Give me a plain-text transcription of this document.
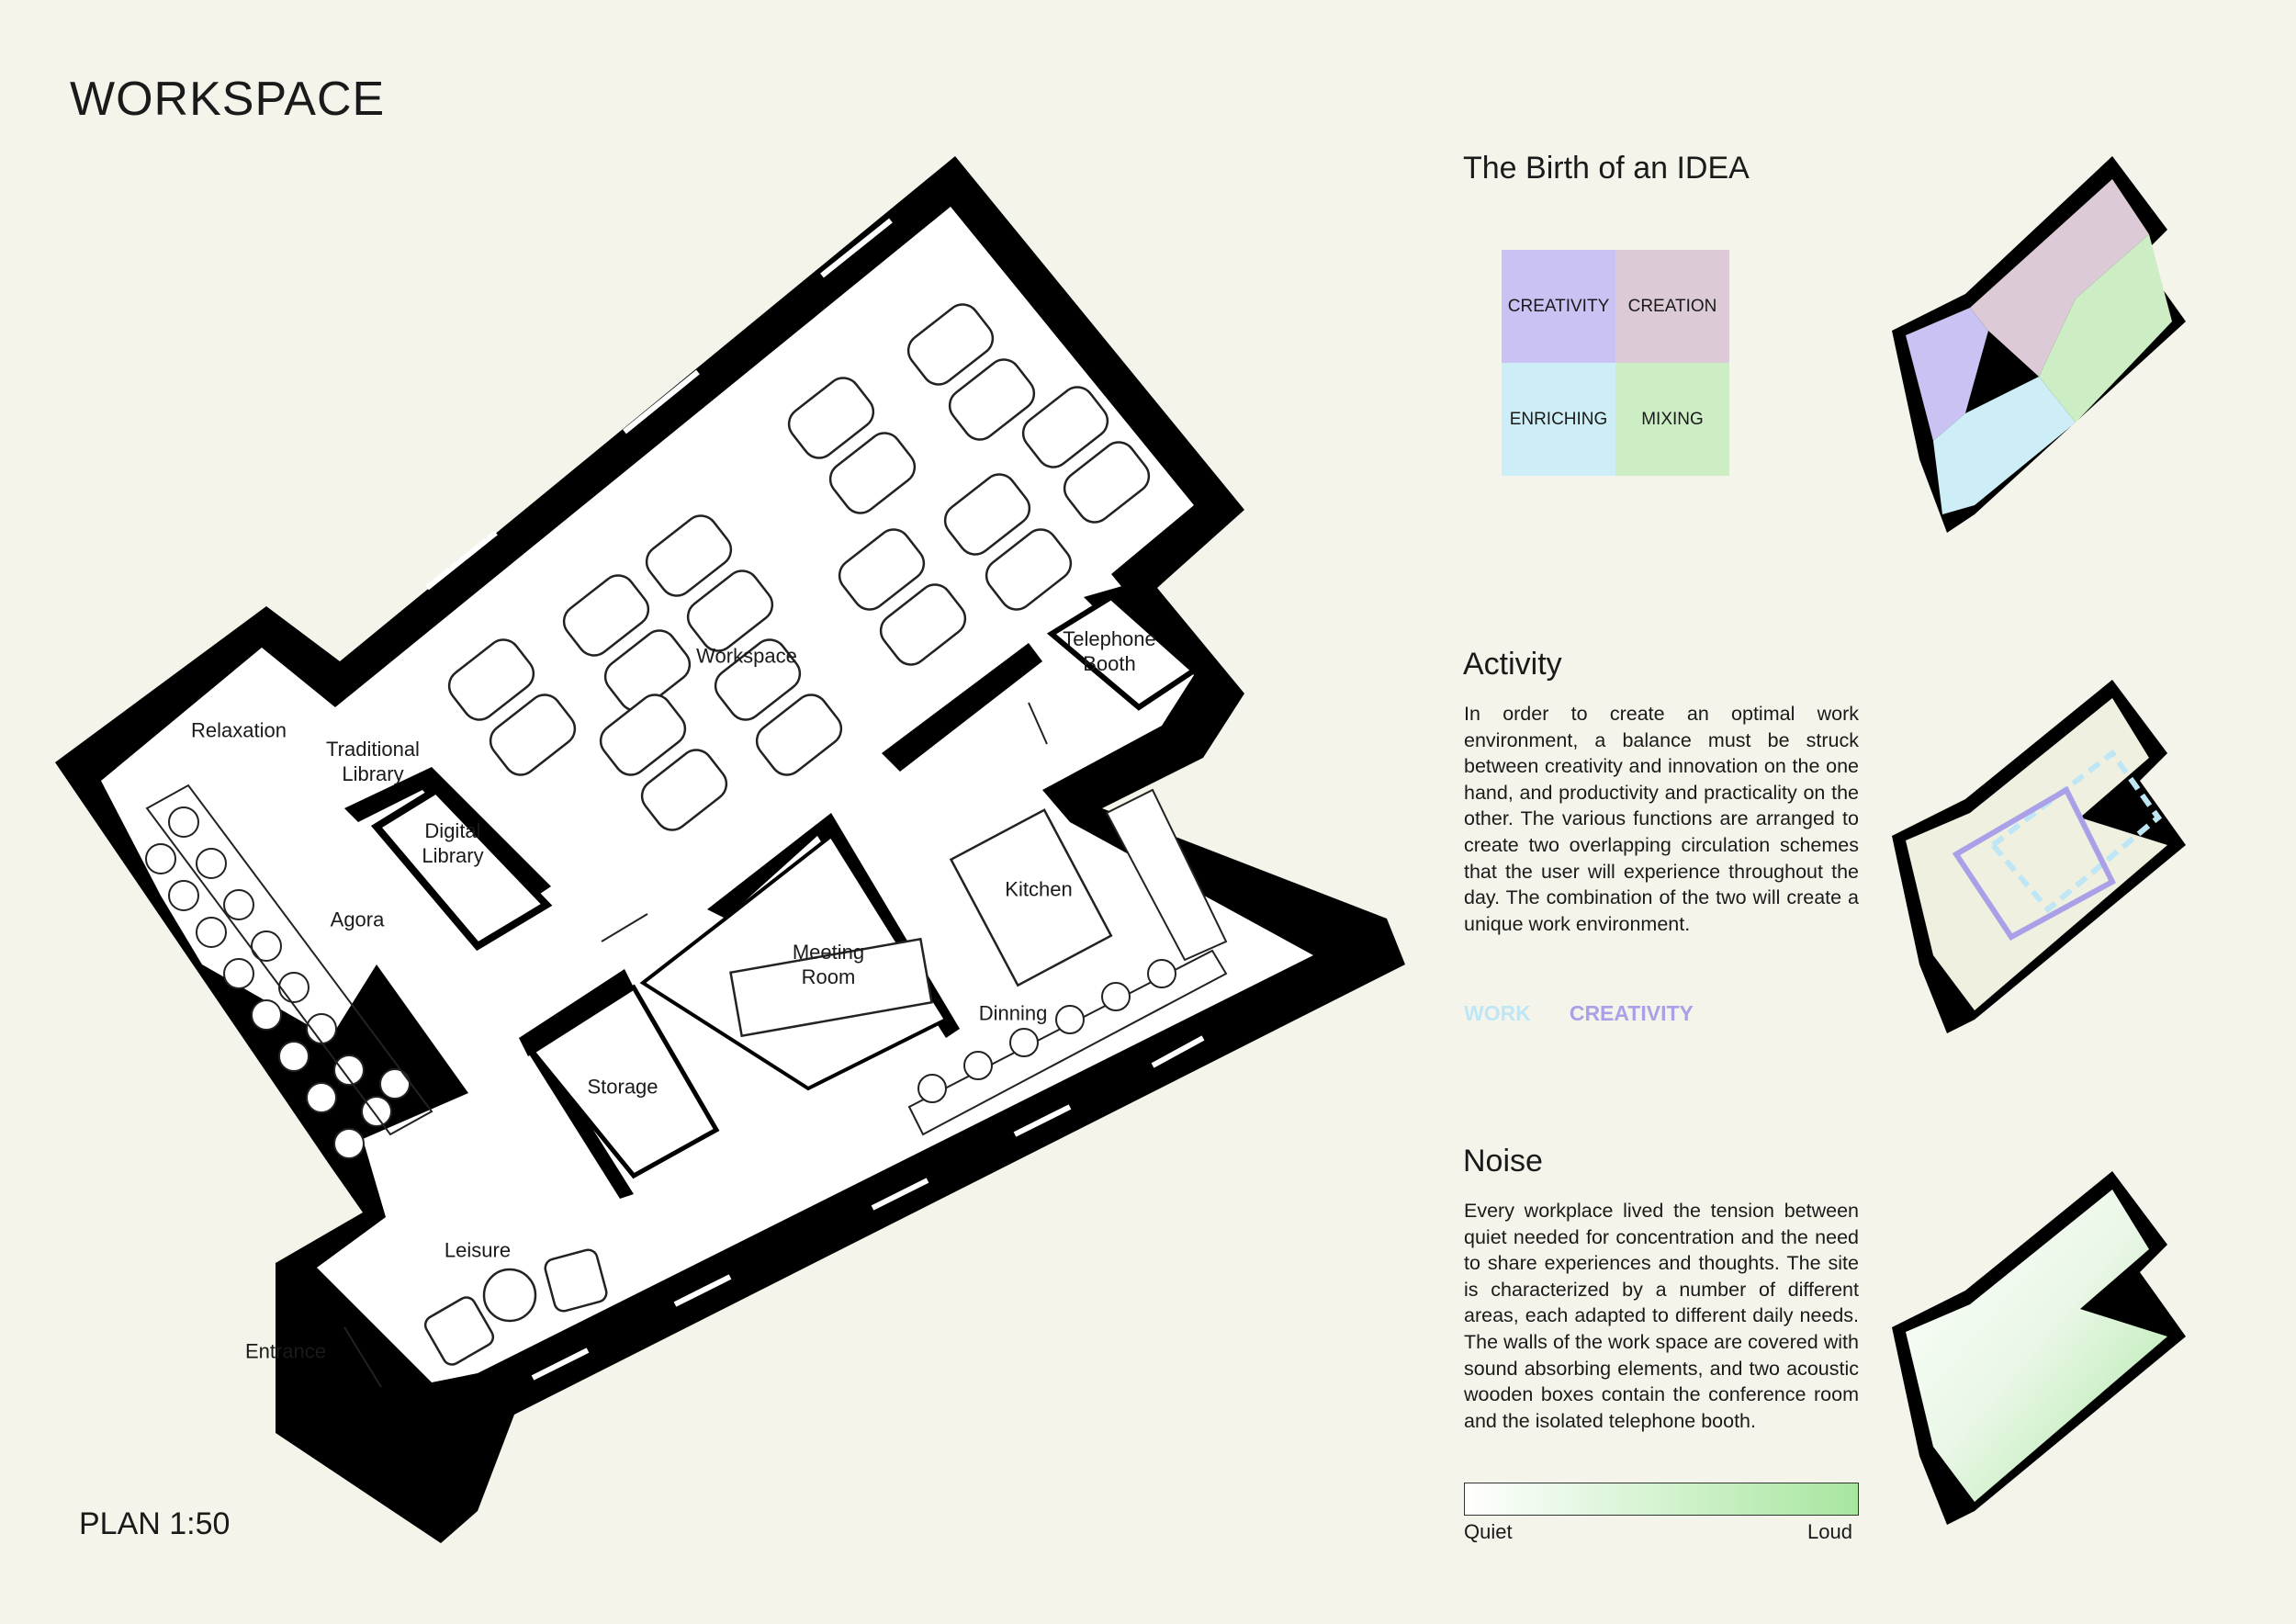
WORKSPACE
Workspace
Telephone
Booth
Relaxation
Traditional
Library
Digital
Library
Agora
Kitchen
Meeting
Room
Dinning
Storage
Leisure
Entrance
PLAN 1:50
The Birth of an IDEA
CREATIVITY CREATION
ENRICHING MIXING
Activity
In order to create an optimal work environment, a balance must be struck between creativity and innovation on the one hand, and productivity and practicality on the other. The various functions are arranged to create two overlapping circulation schemes that the user will experience throughout the day. The combination of the two will create a unique work environment.
WORK CREATIVITY
Noise
Every workplace lived the tension between quiet needed for concentration and the need to share experiences and thoughts. The site is characterized by a number of different areas, each adapted to different daily needs. The walls of the work space are covered with sound absorbing elements, and two acoustic wooden boxes contain the conference room and the isolated telephone booth.
Quiet	Loud
